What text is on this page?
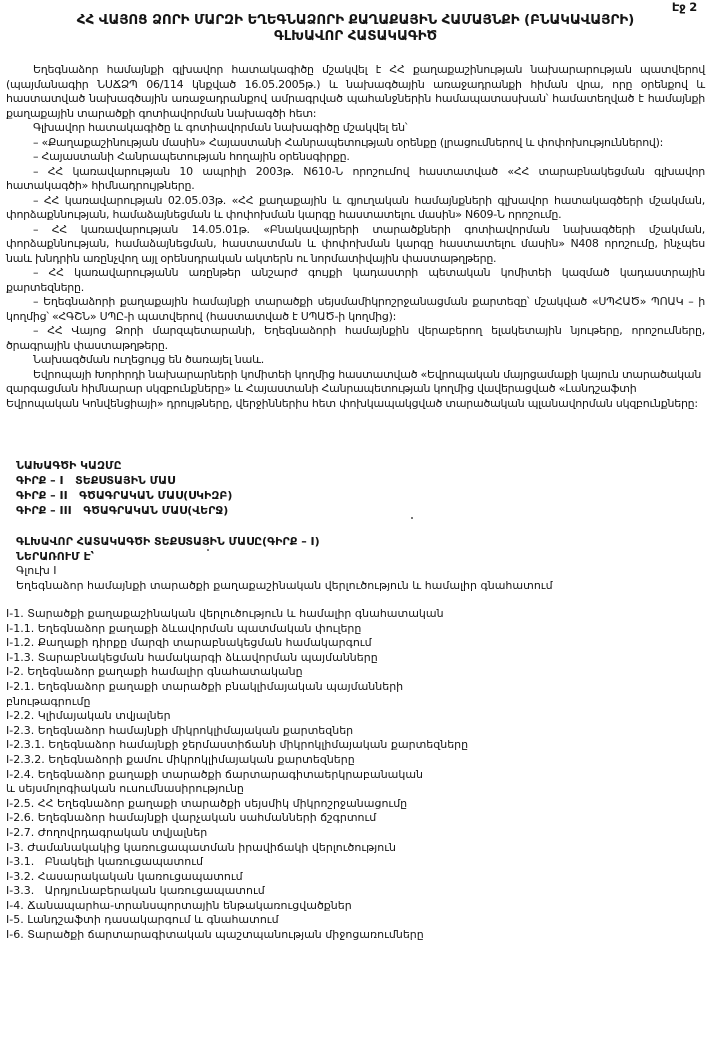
Էջ 2
ՀՀ ՎԱՅՈՑ ՁՈՐԻ ՄԱՐԶԻ ԵՂԵԳՆԱՁՈՐԻ ՔԱՂԱՔԱՅԻՆ ՀԱՄԱՅՆՔԻ (ԲՆԱԿԱՎԱՅՐԻ)
ԳԼԽԱՎՈՐ ՀԱՏԱԿԱԳԻԾ
Եղեգնաձոր համայնքի գլխավոր հատակագիծը մշակվել է ՀՀ քաղաքաշինության նախարարության պատվերով (պայմանագիր ՆՍՃՁՊ 06/114 կնքված 16.05.2005թ.) և նախագծային առաջադրանքի հիման վրա, որը օրենքով և հաստատված նախագծային առաջադրանքով ամրագրված պահանջներին համապատասխան՝ համատեղված է համայնքի քաղաքային տարածքի գոտիավորման նախագծի հետ:
Գլխավոր հատակագիծը և գոտիավորման նախագիծը մշակվել են՝
– «Քաղաքաշինության մասին» Հայաստանի Հանրապետության օրենքը (լրացումներով և փոփոխություններով):
– Հայաստանի Հանրապետության հողային օրենսգիրքը.
– ՀՀ կառավարության 10 ապրիլի 2003թ. N610-Ն որոշումով հաստատված «ՀՀ տարաբնակեցման գլխավոր հատակագծի» հիմնադրույթները.
– ՀՀ կառավարության 02.05.03թ. «ՀՀ քաղաքային և գյուղական համայնքների գլխավոր հատակագծերի մշակման, փորձաքննության, համաձայնեցման և փոփոխման կարգը հաստատելու մասին» N609-Ն որոշումը.
– ՀՀ կառավարության 14.05.01թ. «Բնակավայրերի տարածքների գոտիավորման նախագծերի մշակման, փորձաքննության, համաձայնեցման, հաստատման և փոփոխման կարգը հաստատելու մասին» N408 որոշումը, ինչպես նաև խնդրին առընչվող այլ օրենսդրական ակտերն ու նորմատիվային փաստաթղթերը.
– ՀՀ կառավարությանն առընթեր անշարժ գույքի կադաստրի պետական կոմիտեի կազմած կադաստրային քարտեզները.
– Եղեգնաձորի քաղաքային համայնքի տարածքի սեյսմամիկրոշրջանացման քարտեզը՝ մշակված «ՍՊՀԱԾ» ՊՈԱԿ – ի կողմից՝ «ՀԳՇՆ» ՍՊԸ-ի պատվերով (հաստատված է ՍՊԱԾ-ի կողմից):
– ՀՀ Վայոց Ձորի մարզպետարանի, Եղեգնաձորի համայնքին վերաբերող ելակետային նյութերը, որոշումները, ծրագրային փաստաթղթերը.
Նախագծման ուղեցույց են ծառայել նաև.
Եվրոպայի Խորհրդի նախարարների կոմիտեի կողմից հաստատված «Եվրոպական մայրցամաքի կայուն տարածական զարգացման հիմնարար սկզբունքները» և Հայաստանի Հանրապետության կողմից վավերացված «Լանդշաֆտի Եվրոպական Կոնվենցիայի» դրույթները, վերջիններիս հետ փոխկապակցված տարածական պլանավորման սկզբունքները:
ՆԱԽԱԳԾԻ ԿԱԶՄԸ
ԳԻՐՔ – I   ՏԵՔՍՏԱՅԻՆ ՄԱՍ
ԳԻՐՔ – II   ԳԾԱԳՐԱԿԱՆ ՄԱՍ(ՍԿԻԶԲ)
ԳԻՐՔ – III   ԳԾԱԳՐԱԿԱՆ ՄԱՍ(ՎԵՐՋ)
ԳԼԽԱՎՈՐ ՀԱՏԱԿԱԳԾԻ ՏԵՔՍՏԱՅԻՆ ՄԱՍԸ(ԳԻՐՔ – I)
ՆԵՐԱՌՈՒՄ Է՝
Գլուխ I
Եղեգնաձոր համայնքի տարածքի քաղաքաշինական վերլուծություն և համալիր գնահատում
I-1. Տարածքի քաղաքաշինական վերլուծություն և համալիր գնահատական
I-1.1. Եղեգնաձոր քաղաքի ձևավորման պատմական փուլերը
I-1.2. Քաղաքի դիրքը մարզի տարաբնակեցման համակարգում
I-1.3. Տարաբնակեցման համակարգի ձևավորման պայմանները
I-2. Եղեգնաձոր քաղաքի համալիր գնահատականը
I-2.1. Եղեգնաձոր քաղաքի տարածքի բնակլիմայական պայմանների
բնութագրումը
I-2.2. Կլիմայական տվյալներ
I-2.3. Եղեգնաձոր համայնքի միկրոկլիմայական քարտեզներ
I-2.3.1. Եղեգնաձոր համայնքի ջերմաստիճանի միկրոկլիմայական քարտեզները
I-2.3.2. Եղեգնաձորի քամու միկրոկլիմայական քարտեզները
I-2.4. Եղեգնաձոր քաղաքի տարածքի ճարտարագիտաերկրաբանական
և սեյսմոլոգիական ուսումնասիրությունը
I-2.5. ՀՀ Եղեգնաձոր քաղաքի տարածքի սեյսմիկ միկրոշրջանացումը
I-2.6. Եղեգնաձոր համայնքի վարչական սահմանների ճշգրտում
I-2.7. Ժողովրդագրական տվյալներ
I-3. Ժամանակակից կառուցապատման իրավիճակի վերլուծություն
I-3.1.   Բնակելի կառուցապատում
I-3.2. Հասարակական կառուցապատում
I-3.3.   Արդյունաբերական կառուցապատում
I-4. Ճանապարհա-տրանսպորտային ենթակառուցվածքներ
I-5. Լանդշաֆտի դասակարգում և գնահատում
I-6. Տարածքի ճարտարագիտական պաշտպանության միջոցառումները
